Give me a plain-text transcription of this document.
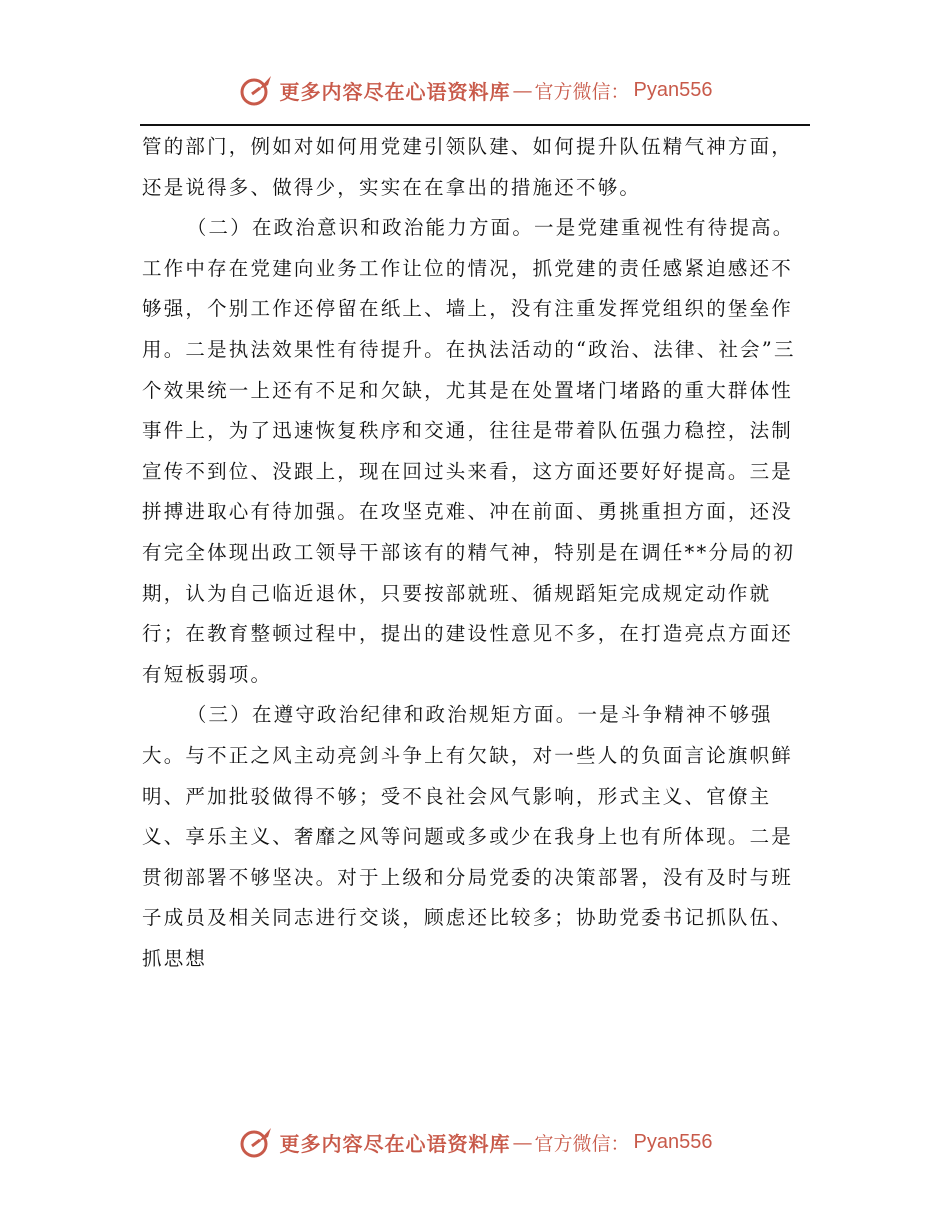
更多内容尽在心语资料库 — 官方微信： Pyan556

管的部门，例如对如何用党建引领队建、如何提升队伍精气神方面，还是说得多、做得少，实实在在拿出的措施还不够。

（二）在政治意识和政治能力方面。一是党建重视性有待提高。工作中存在党建向业务工作让位的情况，抓党建的责任感紧迫感还不够强，个别工作还停留在纸上、墙上，没有注重发挥党组织的堡垒作用。二是执法效果性有待提升。在执法活动的“政治、法律、社会”三个效果统一上还有不足和欠缺，尤其是在处置堵门堵路的重大群体性事件上，为了迅速恢复秩序和交通，往往是带着队伍强力稳控，法制宣传不到位、没跟上，现在回过头来看，这方面还要好好提高。三是拼搏进取心有待加强。在攻坚克难、冲在前面、勇挑重担方面，还没有完全体现出政工领导干部该有的精气神，特别是在调任**分局的初期，认为自己临近退休，只要按部就班、循规蹈矩完成规定动作就行；在教育整顿过程中，提出的建设性意见不多，在打造亮点方面还有短板弱项。

（三）在遵守政治纪律和政治规矩方面。一是斗争精神不够强大。与不正之风主动亮剑斗争上有欠缺，对一些人的负面言论旗帜鲜明、严加批驳做得不够；受不良社会风气影响，形式主义、官僚主义、享乐主义、奢靡之风等问题或多或少在我身上也有所体现。二是贯彻部署不够坚决。对于上级和分局党委的决策部署，没有及时与班子成员及相关同志进行交谈，顾虑还比较多；协助党委书记抓队伍、抓思想

更多内容尽在心语资料库 — 官方微信： Pyan556
